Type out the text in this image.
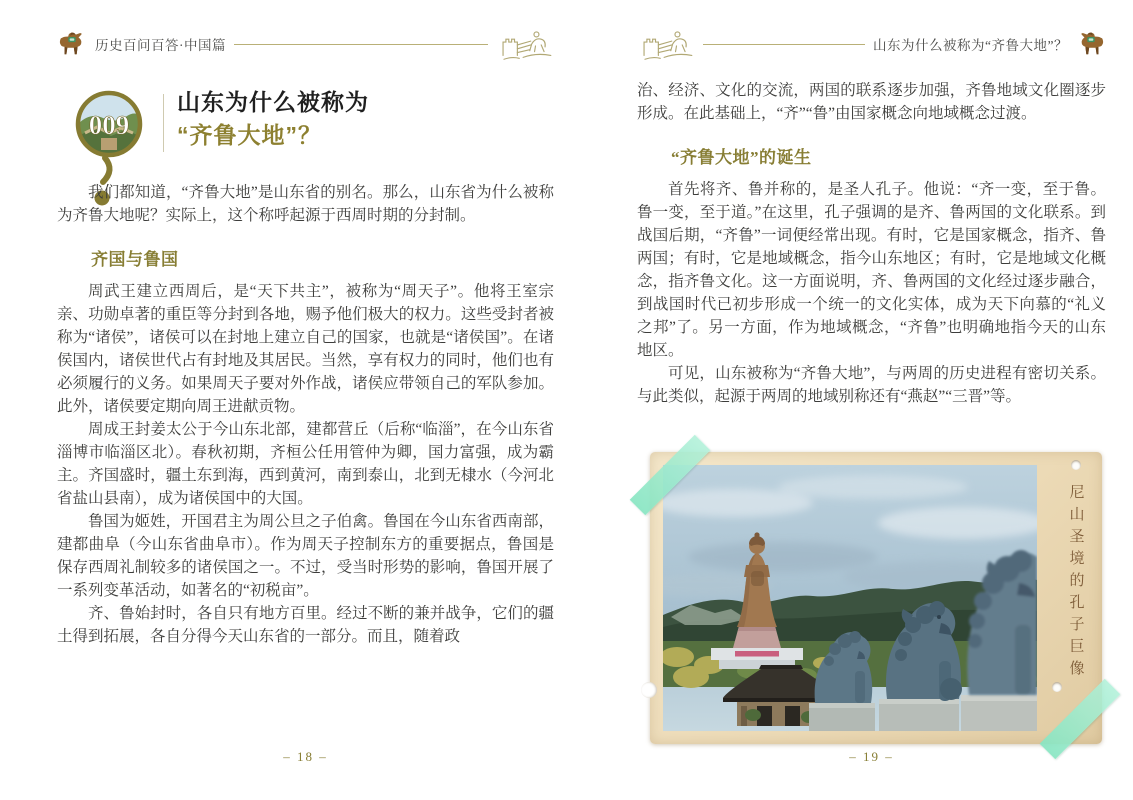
历史百问百答·中国篇
009
山东为什么被称为
“齐鲁大地”？

我们都知道，“齐鲁大地”是山东省的别名。那么，山东省为什么被称为齐鲁大地呢？实际上，这个称呼起源于西周时期的分封制。

齐国与鲁国

周武王建立西周后，是“天下共主”，被称为“周天子”。他将王室宗亲、功勋卓著的重臣等分封到各地，赐予他们极大的权力。这些受封者被称为“诸侯”，诸侯可以在封地上建立自己的国家，也就是“诸侯国”。在诸侯国内，诸侯世代占有封地及其居民。当然，享有权力的同时，他们也有必须履行的义务。如果周天子要对外作战，诸侯应带领自己的军队参加。此外，诸侯要定期向周王进献贡物。

周成王封姜太公于今山东北部，建都营丘（后称“临淄”，在今山东省淄博市临淄区北）。春秋初期，齐桓公任用管仲为卿，国力富强，成为霸主。齐国盛时，疆土东到海，西到黄河，南到泰山，北到无棣水（今河北省盐山县南），成为诸侯国中的大国。

鲁国为姬姓，开国君主为周公旦之子伯禽。鲁国在今山东省西南部，建都曲阜（今山东省曲阜市）。作为周天子控制东方的重要据点，鲁国是保存西周礼制较多的诸侯国之一。不过，受当时形势的影响，鲁国开展了一系列变革活动，如著名的“初税亩”。

齐、鲁始封时，各自只有地方百里。经过不断的兼并战争，它们的疆土得到拓展，各自分得今天山东省的一部分。而且，随着政

– 18 –
山东为什么被称为“齐鲁大地”？

治、经济、文化的交流，两国的联系逐步加强，齐鲁地域文化圈逐步形成。在此基础上，“齐”“鲁”由国家概念向地域概念过渡。

“齐鲁大地”的诞生

首先将齐、鲁并称的，是圣人孔子。他说：“齐一变，至于鲁。鲁一变，至于道。”在这里，孔子强调的是齐、鲁两国的文化联系。到战国后期，“齐鲁”一词便经常出现。有时，它是国家概念，指齐、鲁两国；有时，它是地域概念，指今山东地区；有时，它是地域文化概念，指齐鲁文化。这一方面说明，齐、鲁两国的文化经过逐步融合，到战国时代已初步形成一个统一的文化实体，成为天下向慕的“礼义之邦”了。另一方面，作为地域概念，“齐鲁”也明确地指今天的山东地区。

可见，山东被称为“齐鲁大地”，与两周的历史进程有密切关系。与此类似，起源于两周的地域别称还有“燕赵”“三晋”等。

尼山圣境的孔子巨像
– 19 –
